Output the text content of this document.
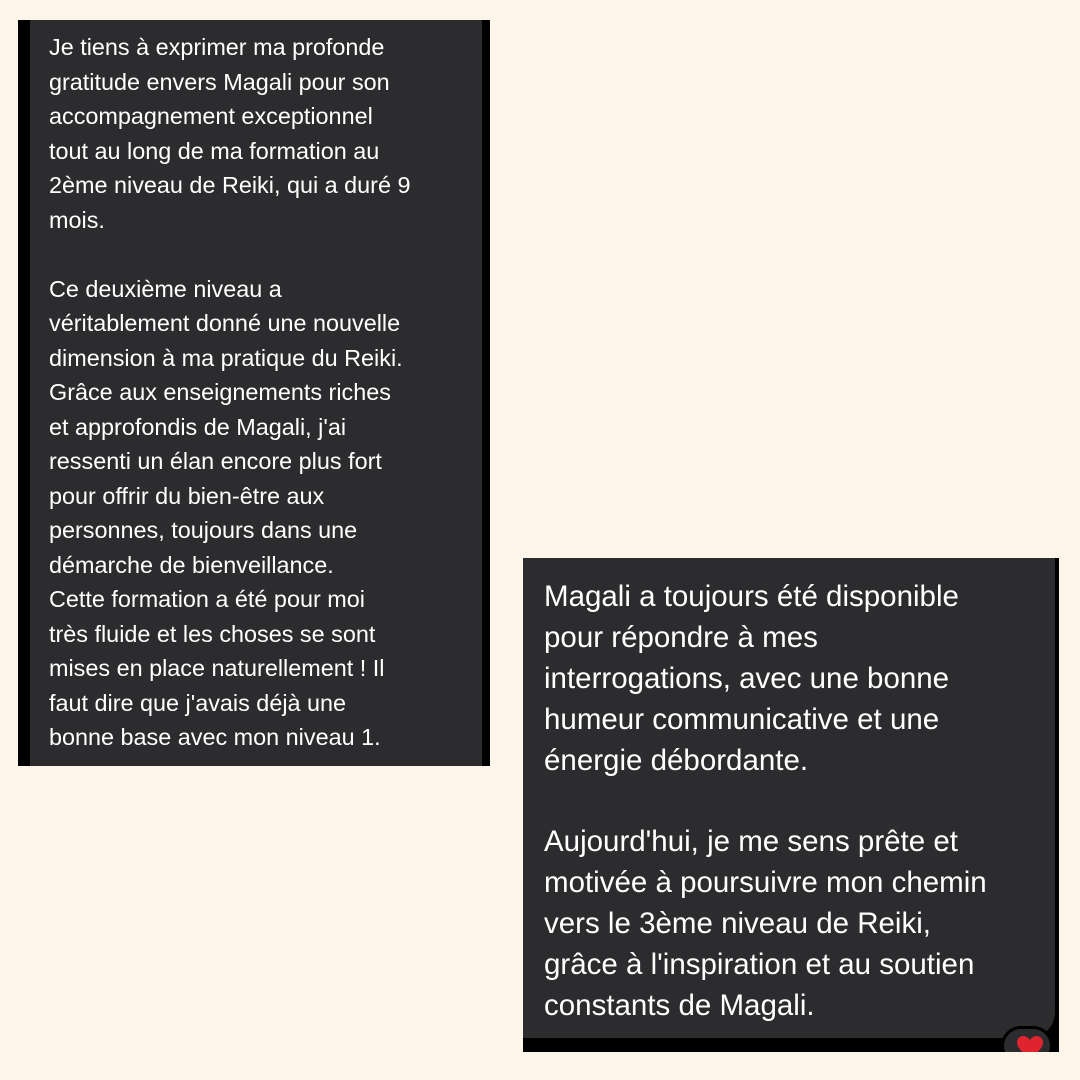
Je tiens à exprimer ma profonde
gratitude envers Magali pour son
accompagnement exceptionnel
tout au long de ma formation au
2ème niveau de Reiki, qui a duré 9
mois.
Ce deuxième niveau a
véritablement donné une nouvelle
dimension à ma pratique du Reiki.
Grâce aux enseignements riches
et approfondis de Magali, j'ai
ressenti un élan encore plus fort
pour offrir du bien-être aux
personnes, toujours dans une
démarche de bienveillance.
Cette formation a été pour moi
très fluide et les choses se sont
mises en place naturellement ! Il
faut dire que j'avais déjà une
bonne base avec mon niveau 1.
Magali a toujours été disponible
pour répondre à mes
interrogations, avec une bonne
humeur communicative et une
énergie débordante.
Aujourd'hui, je me sens prête et
motivée à poursuivre mon chemin
vers le 3ème niveau de Reiki,
grâce à l'inspiration et au soutien
constants de Magali.
